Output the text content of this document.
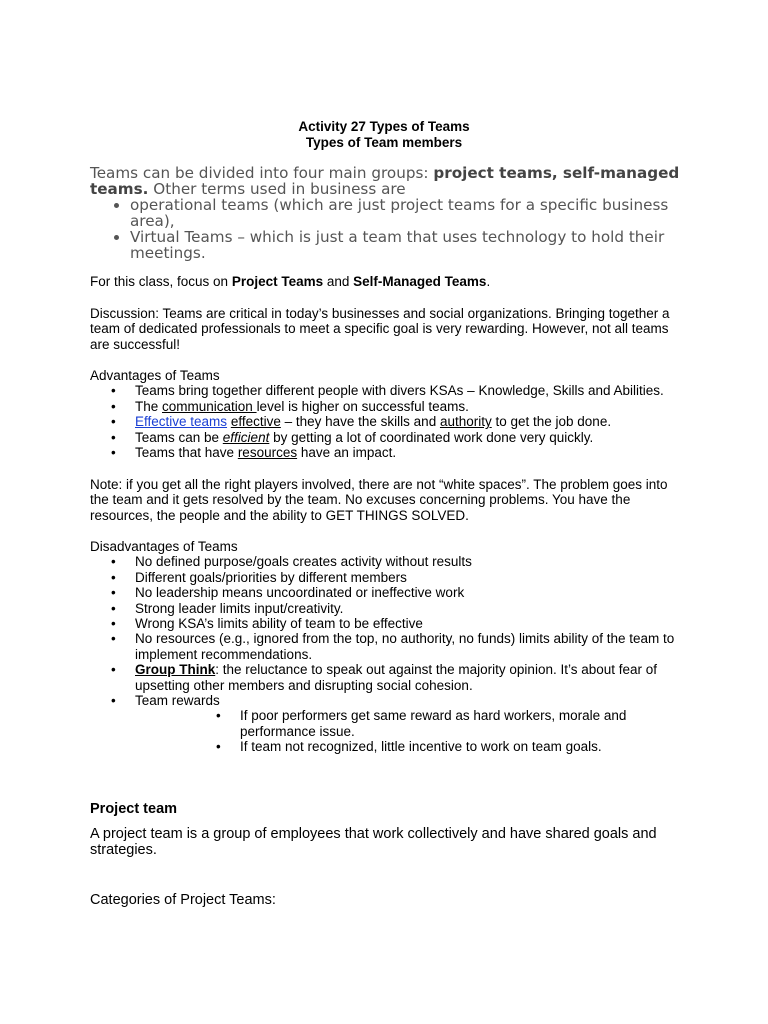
Activity 27 Types of Teams
Types of Team members
Teams can be divided into four main groups: project teams, self-managed teams. Other terms used in business are
• operational teams (which are just project teams for a specific business area),
• Virtual Teams – which is just a team that uses technology to hold their meetings.
For this class, focus on Project Teams and Self-Managed Teams.
Discussion: Teams are critical in today’s businesses and social organizations. Bringing together a team of dedicated professionals to meet a specific goal is very rewarding. However, not all teams are successful!
Advantages of Teams
• Teams bring together different people with divers KSAs – Knowledge, Skills and Abilities.
• The communication level is higher on successful teams.
• Effective teams effective – they have the skills and authority to get the job done.
• Teams can be efficient by getting a lot of coordinated work done very quickly.
• Teams that have resources have an impact.
Note: if you get all the right players involved, there are not “white spaces”. The problem goes into the team and it gets resolved by the team. No excuses concerning problems. You have the resources, the people and the ability to GET THINGS SOLVED.
Disadvantages of Teams
• No defined purpose/goals creates activity without results
• Different goals/priorities by different members
• No leadership means uncoordinated or ineffective work
• Strong leader limits input/creativity.
• Wrong KSA’s limits ability of team to be effective
• No resources (e.g., ignored from the top, no authority, no funds) limits ability of the team to implement recommendations.
• Group Think: the reluctance to speak out against the majority opinion. It’s about fear of upsetting other members and disrupting social cohesion.
• Team rewards
• If poor performers get same reward as hard workers, morale and performance issue.
• If team not recognized, little incentive to work on team goals.
Project team
A project team is a group of employees that work collectively and have shared goals and strategies.
Categories of Project Teams:
